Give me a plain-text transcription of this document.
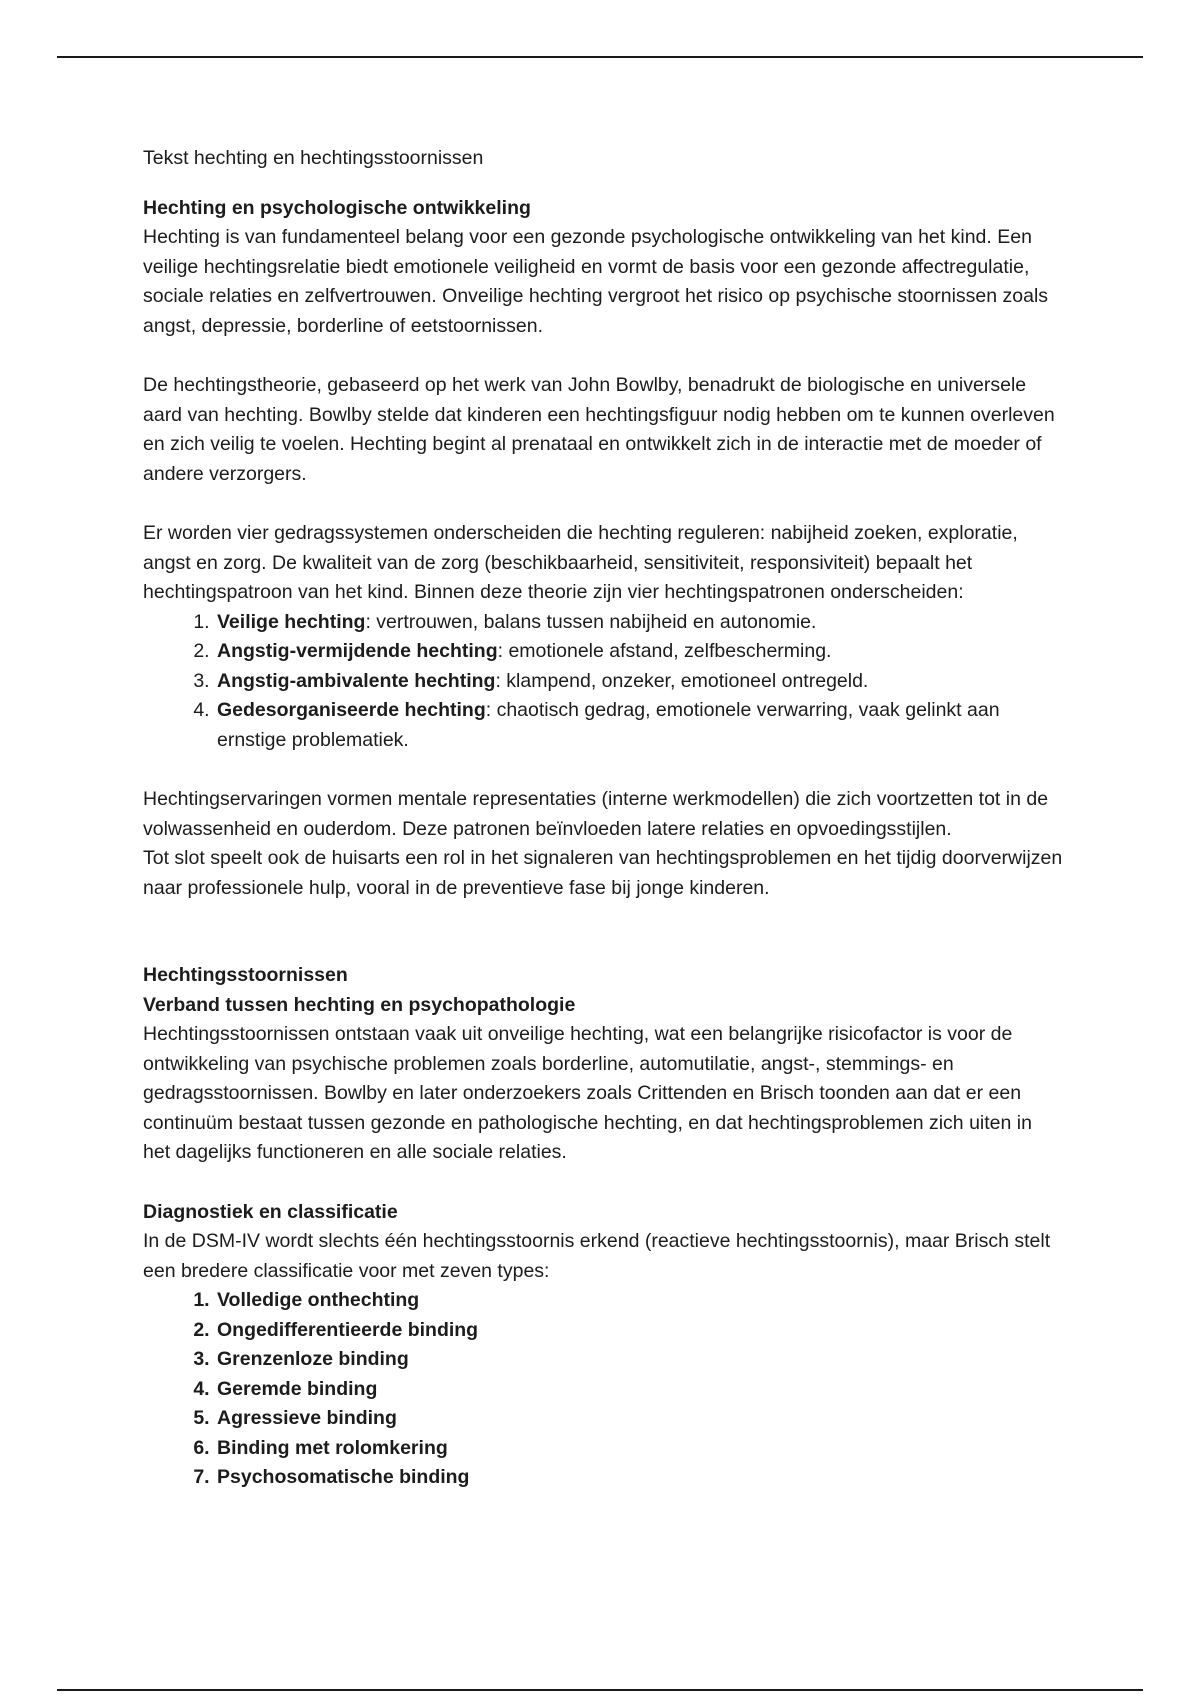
Tekst hechting en hechtingsstoornissen

Hechting en psychologische ontwikkeling

Hechting is van fundamenteel belang voor een gezonde psychologische ontwikkeling van het kind. Een veilige hechtingsrelatie biedt emotionele veiligheid en vormt de basis voor een gezonde affectregulatie, sociale relaties en zelfvertrouwen. Onveilige hechting vergroot het risico op psychische stoornissen zoals angst, depressie, borderline of eetstoornissen.

De hechtingstheorie, gebaseerd op het werk van John Bowlby, benadrukt de biologische en universele aard van hechting. Bowlby stelde dat kinderen een hechtingsfiguur nodig hebben om te kunnen overleven en zich veilig te voelen. Hechting begint al prenataal en ontwikkelt zich in de interactie met de moeder of andere verzorgers.

Er worden vier gedragssystemen onderscheiden die hechting reguleren: nabijheid zoeken, exploratie, angst en zorg. De kwaliteit van de zorg (beschikbaarheid, sensitiviteit, responsiviteit) bepaalt het hechtingspatroon van het kind. Binnen deze theorie zijn vier hechtingspatronen onderscheiden:

1. Veilige hechting: vertrouwen, balans tussen nabijheid en autonomie.
2. Angstig-vermijdende hechting: emotionele afstand, zelfbescherming.
3. Angstig-ambivalente hechting: klampend, onzeker, emotioneel ontregeld.
4. Gedesorganiseerde hechting: chaotisch gedrag, emotionele verwarring, vaak gelinkt aan ernstige problematiek.

Hechtingservaringen vormen mentale representaties (interne werkmodellen) die zich voortzetten tot in de volwassenheid en ouderdom. Deze patronen beïnvloeden latere relaties en opvoedingsstijlen.

Tot slot speelt ook de huisarts een rol in het signaleren van hechtingsproblemen en het tijdig doorverwijzen naar professionele hulp, vooral in de preventieve fase bij jonge kinderen.

Hechtingsstoornissen

Verband tussen hechting en psychopathologie

Hechtingsstoornissen ontstaan vaak uit onveilige hechting, wat een belangrijke risicofactor is voor de ontwikkeling van psychische problemen zoals borderline, automutilatie, angst-, stemmings- en gedragsstoornissen. Bowlby en later onderzoekers zoals Crittenden en Brisch toonden aan dat er een continuüm bestaat tussen gezonde en pathologische hechting, en dat hechtingsproblemen zich uiten in het dagelijks functioneren en alle sociale relaties.

Diagnostiek en classificatie

In de DSM-IV wordt slechts één hechtingsstoornis erkend (reactieve hechtingsstoornis), maar Brisch stelt een bredere classificatie voor met zeven types:

1. Volledige onthechting
2. Ongedifferentieerde binding
3. Grenzenloze binding
4. Geremde binding
5. Agressieve binding
6. Binding met rolomkering
7. Psychosomatische binding
